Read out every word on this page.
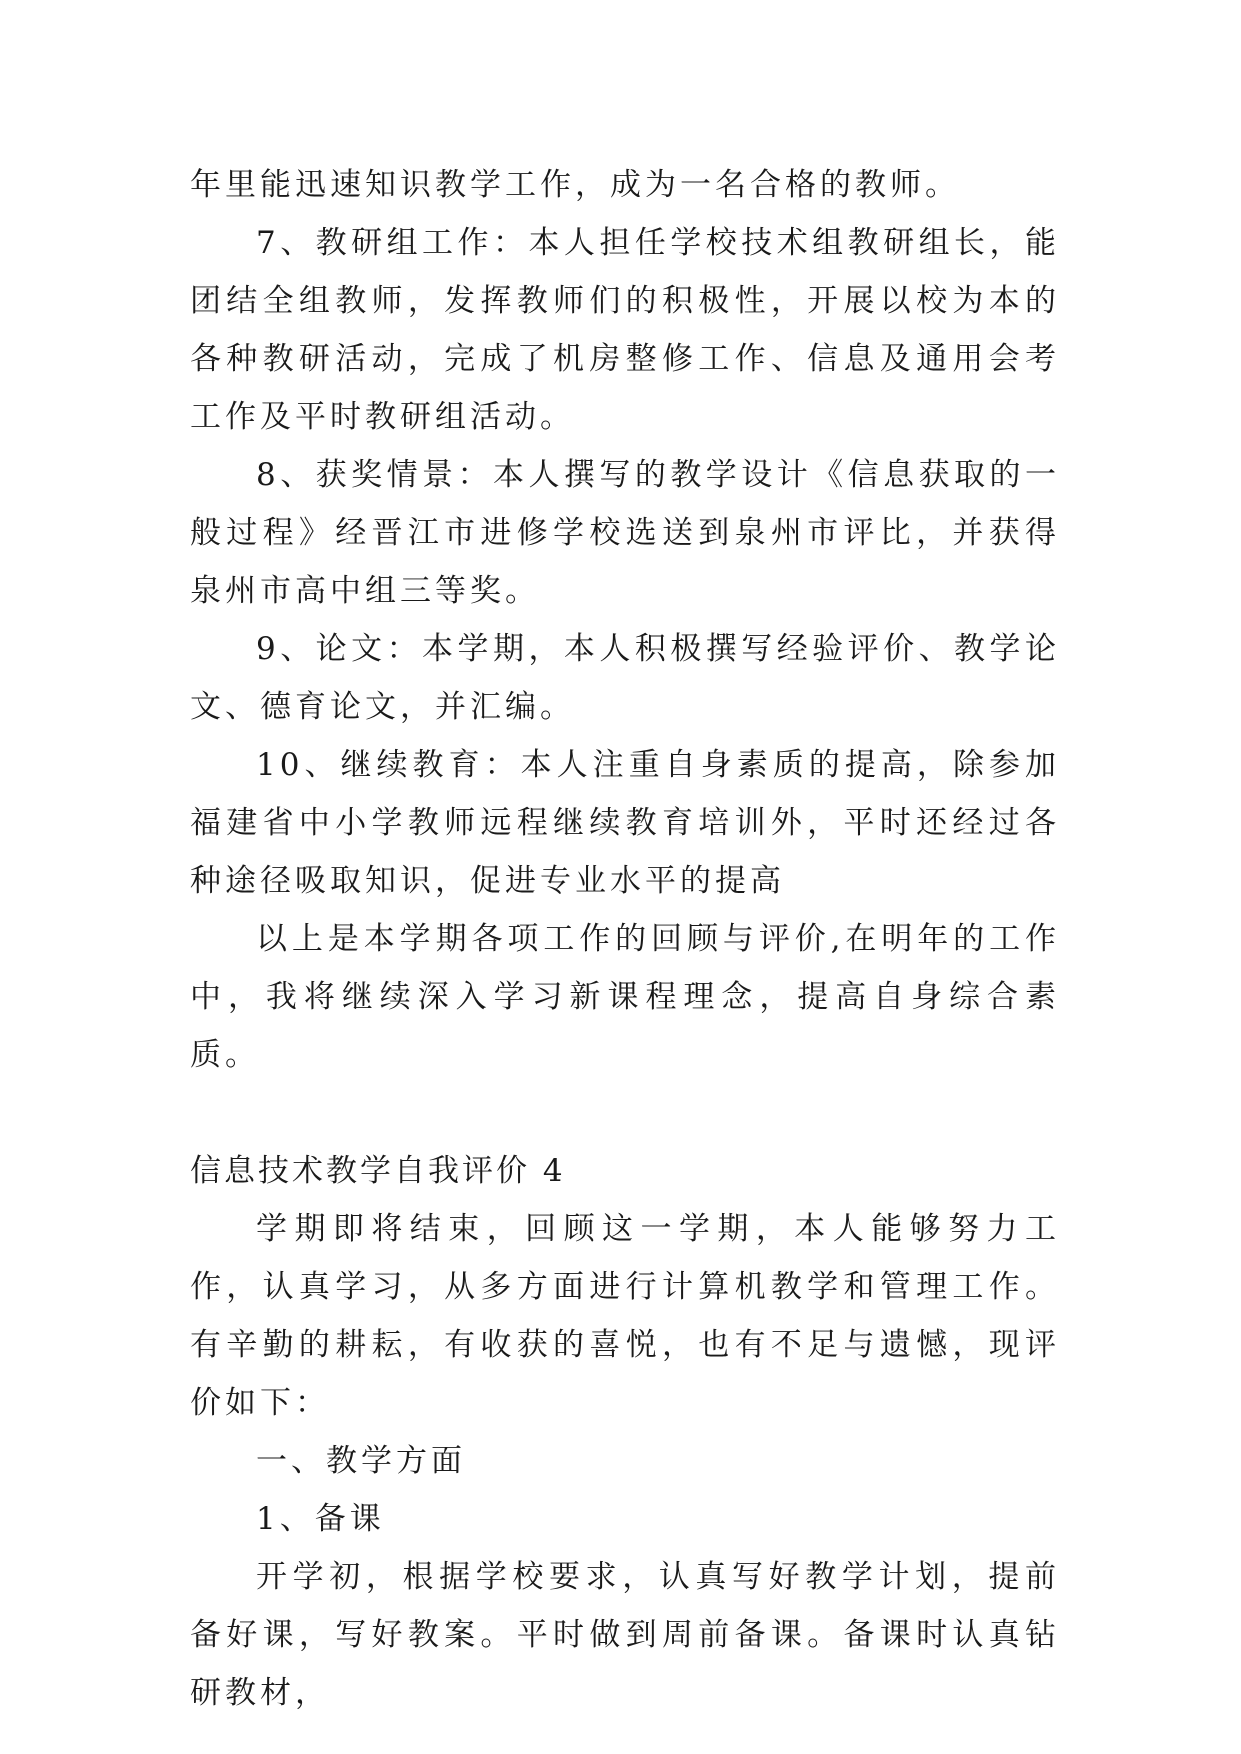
年里能迅速知识教学工作，成为一名合格的教师。

7、教研组工作：本人担任学校技术组教研组长，能团结全组教师，发挥教师们的积极性，开展以校为本的各种教研活动，完成了机房整修工作、信息及通用会考工作及平时教研组活动。

8、获奖情景：本人撰写的教学设计《信息获取的一般过程》经晋江市进修学校选送到泉州市评比，并获得泉州市高中组三等奖。

9、论文：本学期，本人积极撰写经验评价、教学论文、德育论文，并汇编。

10、继续教育：本人注重自身素质的提高，除参加福建省中小学教师远程继续教育培训外，平时还经过各种途径吸取知识，促进专业水平的提高

以上是本学期各项工作的回顾与评价,在明年的工作中，我将继续深入学习新课程理念，提高自身综合素质。

信息技术教学自我评价 4

学期即将结束，回顾这一学期，本人能够努力工作，认真学习，从多方面进行计算机教学和管理工作。有辛勤的耕耘，有收获的喜悦，也有不足与遗憾，现评价如下：

一、教学方面

1、备课

开学初，根据学校要求，认真写好教学计划，提前备好课，写好教案。平时做到周前备课。备课时认真钻研教材，
